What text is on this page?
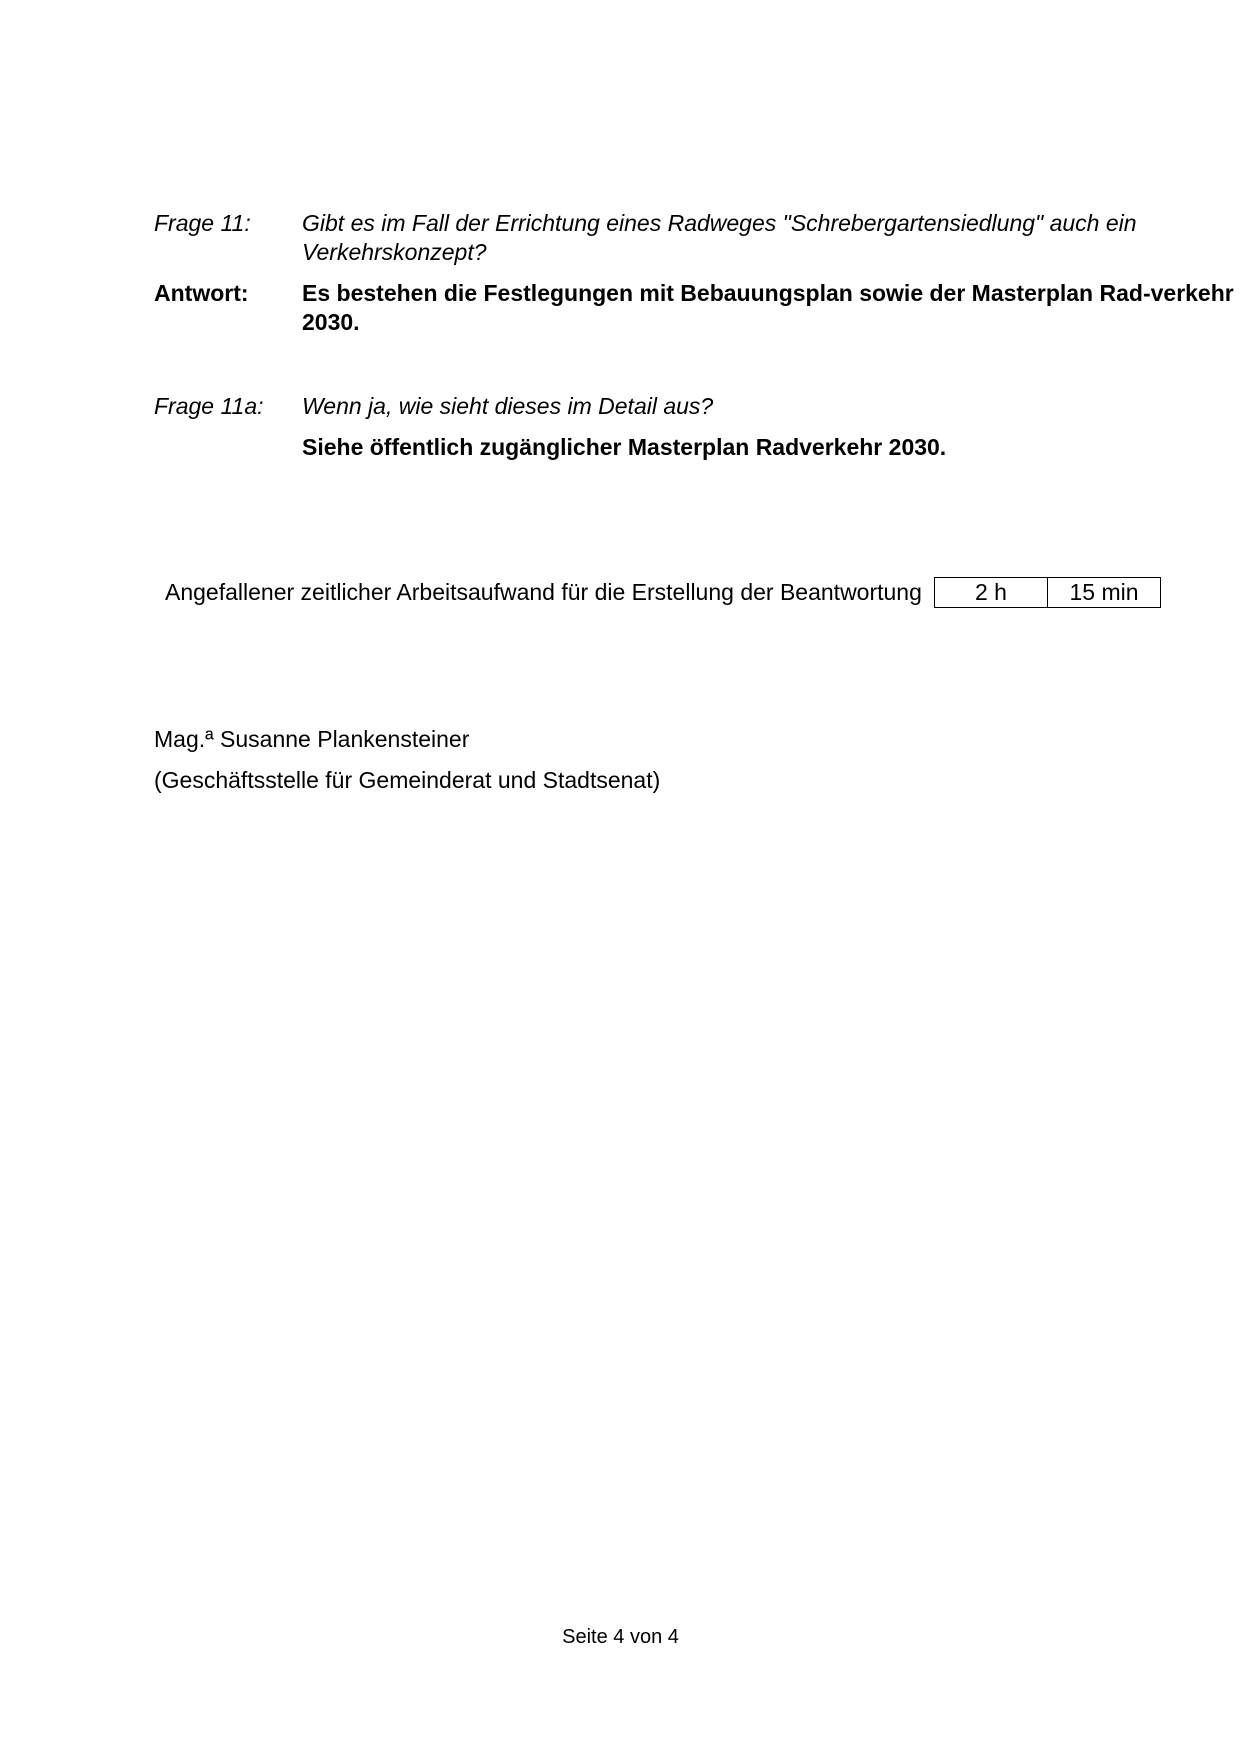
Frage 11:	Gibt es im Fall der Errichtung eines Radweges "Schrebergartensiedlung" auch ein Verkehrskonzept?
Antwort:	Es bestehen die Festlegungen mit Bebauungsplan sowie der Masterplan Rad-verkehr 2030.
Frage 11a:	Wenn ja, wie sieht dieses im Detail aus?
Siehe öffentlich zugänglicher Masterplan Radverkehr 2030.
Angefallener zeitlicher Arbeitsaufwand für die Erstellung der Beantwortung	2 h	15 min
Mag.ª Susanne Plankensteiner
(Geschäftsstelle für Gemeinderat und Stadtsenat)
Seite 4 von 4
